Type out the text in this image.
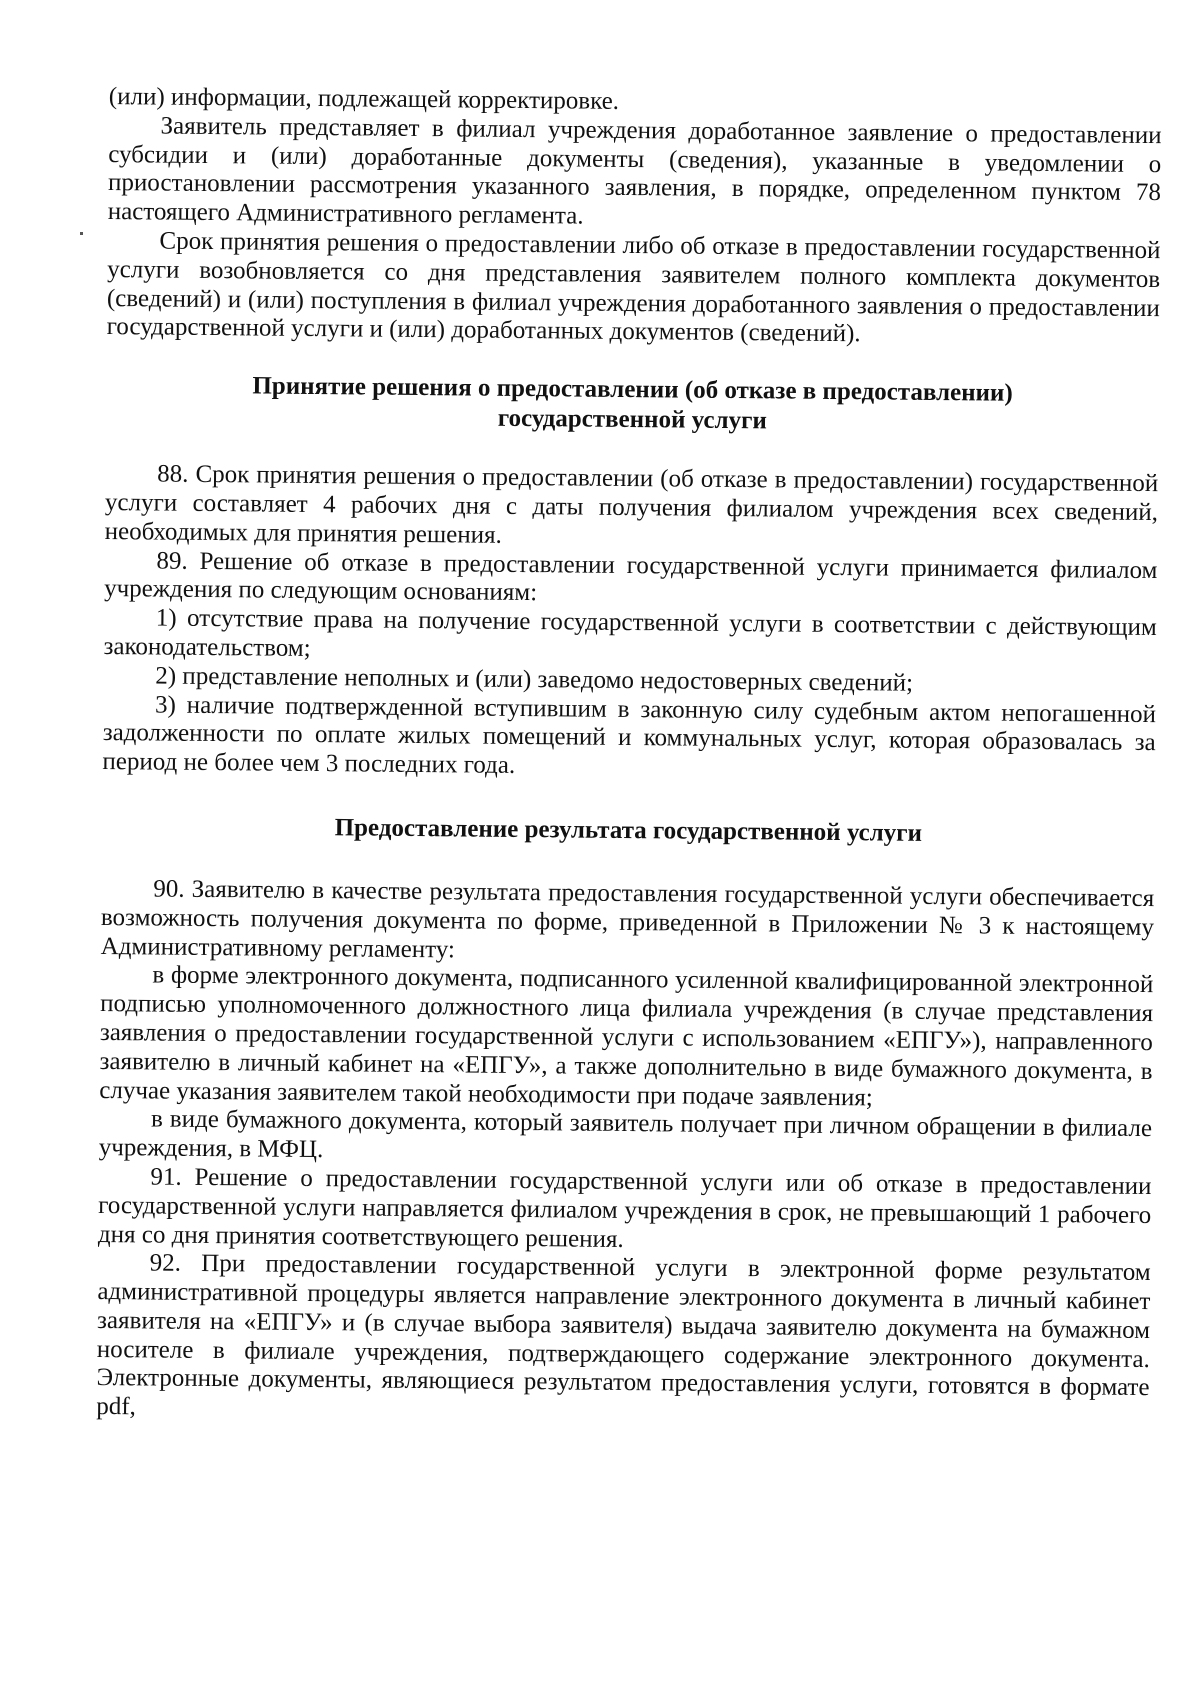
(или) информации, подлежащей корректировке.

Заявитель представляет в филиал учреждения доработанное заявление о предоставлении субсидии и (или) доработанные документы (сведения), указанные в уведомлении о приостановлении рассмотрения указанного заявления, в порядке, определенном пунктом 78 настоящего Административного регламента.

Срок принятия решения о предоставлении либо об отказе в предоставлении государственной услуги возобновляется со дня представления заявителем полного комплекта документов (сведений) и (или) поступления в филиал учреждения доработанного заявления о предоставлении государственной услуги и (или) доработанных документов (сведений).

Принятие решения о предоставлении (об отказе в предоставлении)
государственной услуги

88. Срок принятия решения о предоставлении (об отказе в предоставлении) государственной услуги составляет 4 рабочих дня с даты получения филиалом учреждения всех сведений, необходимых для принятия решения.

89. Решение об отказе в предоставлении государственной услуги принимается филиалом учреждения по следующим основаниям:

1) отсутствие права на получение государственной услуги в соответствии с действующим законодательством;

2) представление неполных и (или) заведомо недостоверных сведений;

3) наличие подтвержденной вступившим в законную силу судебным актом непогашенной задолженности по оплате жилых помещений и коммунальных услуг, которая образовалась за период не более чем 3 последних года.

Предоставление результата государственной услуги

90. Заявителю в качестве результата предоставления государственной услуги обеспечивается возможность получения документа по форме, приведенной в Приложении № 3 к настоящему Административному регламенту:

в форме электронного документа, подписанного усиленной квалифицированной электронной подписью уполномоченного должностного лица филиала учреждения (в случае представления заявления о предоставлении государственной услуги с использованием «ЕПГУ»), направленного заявителю в личный кабинет на «ЕПГУ», а также дополнительно в виде бумажного документа, в случае указания заявителем такой необходимости при подаче заявления;

в виде бумажного документа, который заявитель получает при личном обращении в филиале учреждения, в МФЦ.

91. Решение о предоставлении государственной услуги или об отказе в предоставлении государственной услуги направляется филиалом учреждения в срок, не превышающий 1 рабочего дня со дня принятия соответствующего решения.

92. При предоставлении государственной услуги в электронной форме результатом административной процедуры является направление электронного документа в личный кабинет заявителя на «ЕПГУ» и (в случае выбора заявителя) выдача заявителю документа на бумажном носителе в филиале учреждения, подтверждающего содержание электронного документа. Электронные документы, являющиеся результатом предоставления услуги, готовятся в формате pdf,
